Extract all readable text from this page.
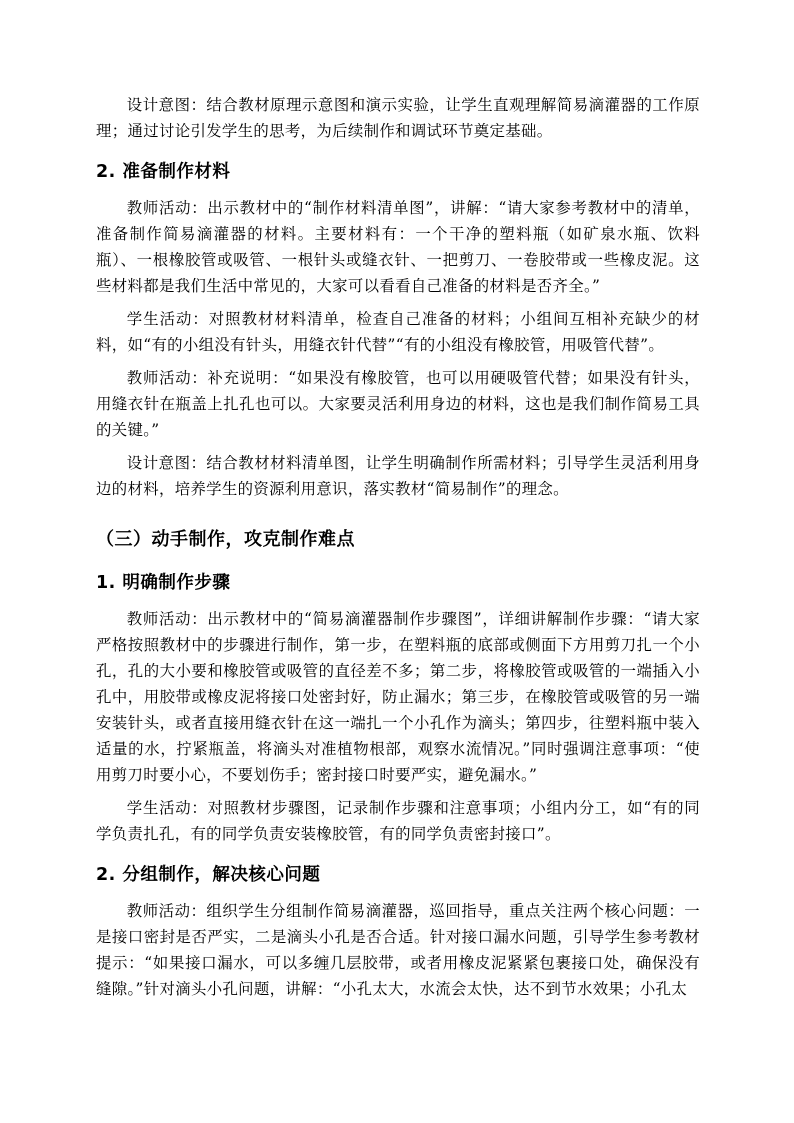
设计意图：结合教材原理示意图和演示实验，让学生直观理解简易滴灌器的工作原理；通过讨论引发学生的思考，为后续制作和调试环节奠定基础。

2. 准备制作材料

教师活动：出示教材中的“制作材料清单图”，讲解：“请大家参考教材中的清单，准备制作简易滴灌器的材料。主要材料有：一个干净的塑料瓶（如矿泉水瓶、饮料瓶）、一根橡胶管或吸管、一根针头或缝衣针、一把剪刀、一卷胶带或一些橡皮泥。这些材料都是我们生活中常见的，大家可以看看自己准备的材料是否齐全。”

学生活动：对照教材材料清单，检查自己准备的材料；小组间互相补充缺少的材料，如“有的小组没有针头，用缝衣针代替”“有的小组没有橡胶管，用吸管代替”。

教师活动：补充说明：“如果没有橡胶管，也可以用硬吸管代替；如果没有针头，用缝衣针在瓶盖上扎孔也可以。大家要灵活利用身边的材料，这也是我们制作简易工具的关键。”

设计意图：结合教材材料清单图，让学生明确制作所需材料；引导学生灵活利用身边的材料，培养学生的资源利用意识，落实教材“简易制作”的理念。

（三）动手制作，攻克制作难点
1. 明确制作步骤

教师活动：出示教材中的“简易滴灌器制作步骤图”，详细讲解制作步骤：“请大家严格按照教材中的步骤进行制作，第一步，在塑料瓶的底部或侧面下方用剪刀扎一个小孔，孔的大小要和橡胶管或吸管的直径差不多；第二步，将橡胶管或吸管的一端插入小孔中，用胶带或橡皮泥将接口处密封好，防止漏水；第三步，在橡胶管或吸管的另一端安装针头，或者直接用缝衣针在这一端扎一个小孔作为滴头；第四步，往塑料瓶中装入适量的水，拧紧瓶盖，将滴头对准植物根部，观察水流情况。”同时强调注意事项：“使用剪刀时要小心，不要划伤手；密封接口时要严实，避免漏水。”

学生活动：对照教材步骤图，记录制作步骤和注意事项；小组内分工，如“有的同学负责扎孔，有的同学负责安装橡胶管，有的同学负责密封接口”。

2. 分组制作，解决核心问题

教师活动：组织学生分组制作简易滴灌器，巡回指导，重点关注两个核心问题：一是接口密封是否严实，二是滴头小孔是否合适。针对接口漏水问题，引导学生参考教材提示：“如果接口漏水，可以多缠几层胶带，或者用橡皮泥紧紧包裹接口处，确保没有缝隙。”针对滴头小孔问题，讲解：“小孔太大，水流会太快，达不到节水效果；小孔太
